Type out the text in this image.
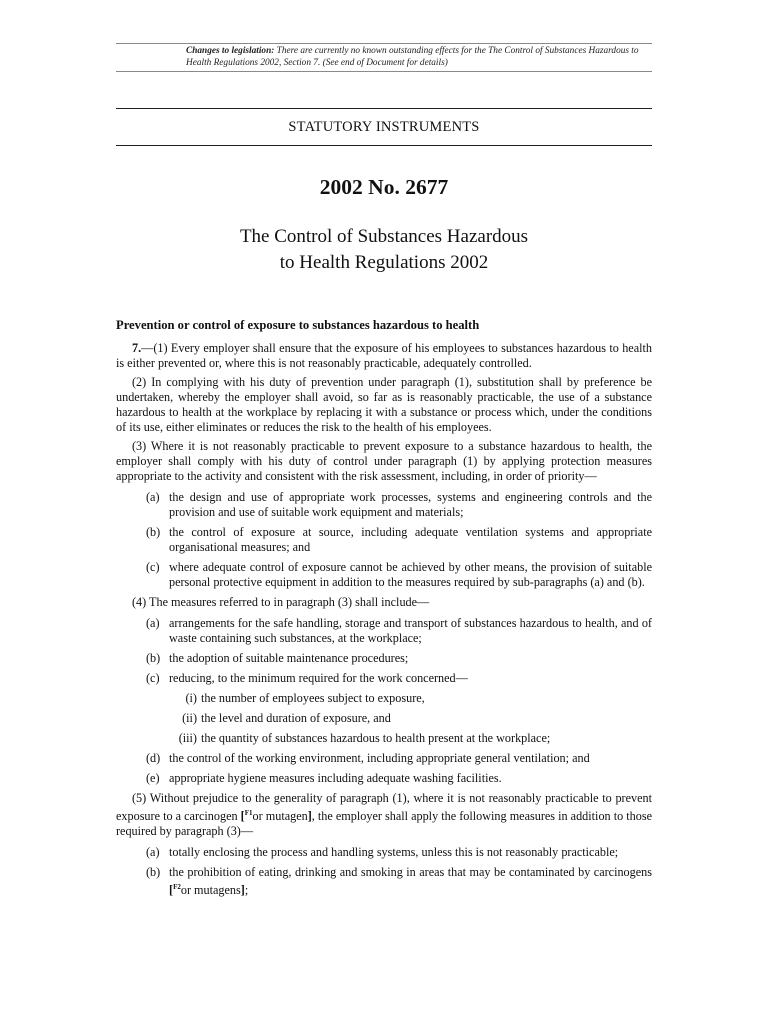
Changes to legislation: There are currently no known outstanding effects for the The Control of Substances Hazardous to Health Regulations 2002, Section 7. (See end of Document for details)
STATUTORY INSTRUMENTS
2002 No. 2677
The Control of Substances Hazardous
to Health Regulations 2002
Prevention or control of exposure to substances hazardous to health
7.—(1) Every employer shall ensure that the exposure of his employees to substances hazardous to health is either prevented or, where this is not reasonably practicable, adequately controlled.
(2) In complying with his duty of prevention under paragraph (1), substitution shall by preference be undertaken, whereby the employer shall avoid, so far as is reasonably practicable, the use of a substance hazardous to health at the workplace by replacing it with a substance or process which, under the conditions of its use, either eliminates or reduces the risk to the health of his employees.
(3) Where it is not reasonably practicable to prevent exposure to a substance hazardous to health, the employer shall comply with his duty of control under paragraph (1) by applying protection measures appropriate to the activity and consistent with the risk assessment, including, in order of priority—
(a) the design and use of appropriate work processes, systems and engineering controls and the provision and use of suitable work equipment and materials;
(b) the control of exposure at source, including adequate ventilation systems and appropriate organisational measures; and
(c) where adequate control of exposure cannot be achieved by other means, the provision of suitable personal protective equipment in addition to the measures required by sub-paragraphs (a) and (b).
(4) The measures referred to in paragraph (3) shall include—
(a) arrangements for the safe handling, storage and transport of substances hazardous to health, and of waste containing such substances, at the workplace;
(b) the adoption of suitable maintenance procedures;
(c) reducing, to the minimum required for the work concerned—
(i) the number of employees subject to exposure,
(ii) the level and duration of exposure, and
(iii) the quantity of substances hazardous to health present at the workplace;
(d) the control of the working environment, including appropriate general ventilation; and
(e) appropriate hygiene measures including adequate washing facilities.
(5) Without prejudice to the generality of paragraph (1), where it is not reasonably practicable to prevent exposure to a carcinogen [$^{F1}$or mutagen], the employer shall apply the following measures in addition to those required by paragraph (3)—
(a) totally enclosing the process and handling systems, unless this is not reasonably practicable;
(b) the prohibition of eating, drinking and smoking in areas that may be contaminated by carcinogens [$^{F2}$or mutagens];
